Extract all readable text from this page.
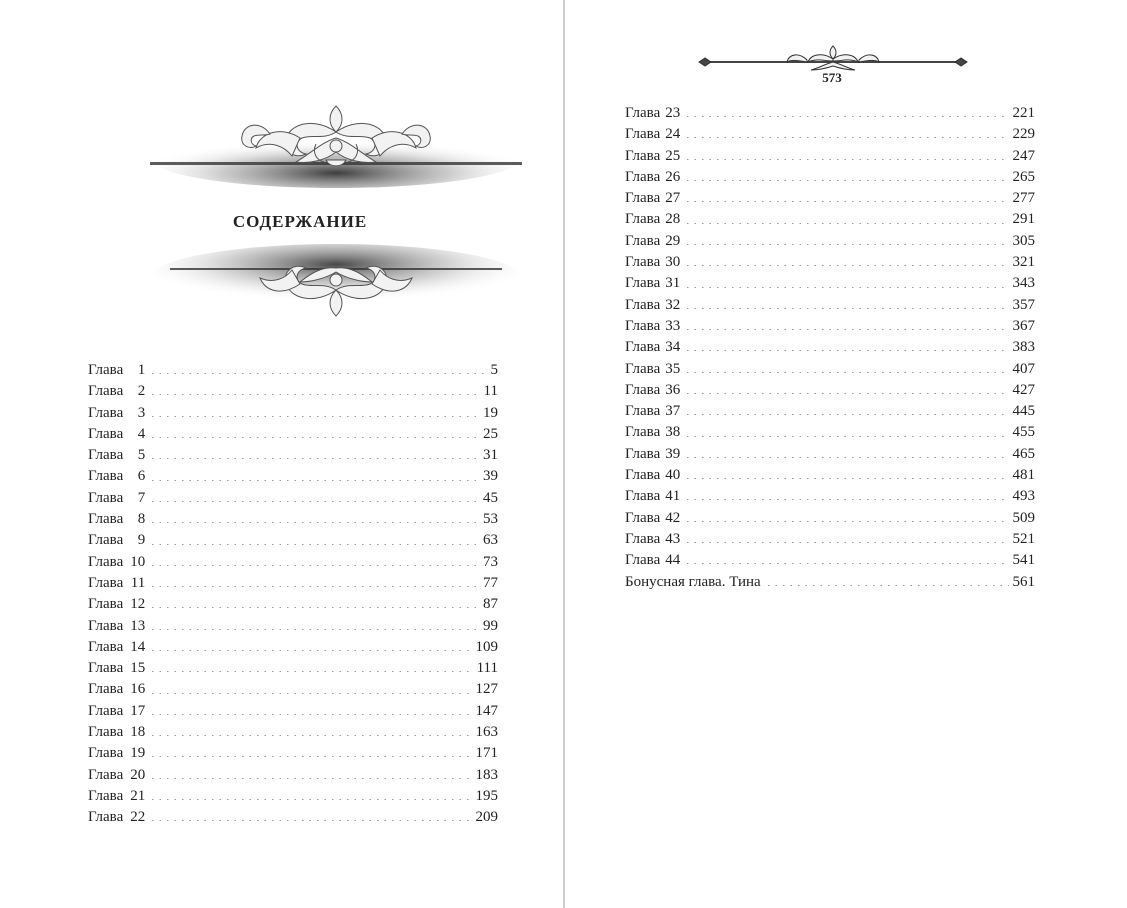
СОДЕРЖАНИЕ
Глава 1	5
Глава 2	11
Глава 3	19
Глава 4	25
Глава 5	31
Глава 6	39
Глава 7	45
Глава 8	53
Глава 9	63
Глава 10	73
Глава 11	77
Глава 12	87
Глава 13	99
Глава 14	109
Глава 15	111
Глава 16	127
Глава 17	147
Глава 18	163
Глава 19	171
Глава 20	183
Глава 21	195
Глава 22	209
573
Глава 23	221
Глава 24	229
Глава 25	247
Глава 26	265
Глава 27	277
Глава 28	291
Глава 29	305
Глава 30	321
Глава 31	343
Глава 32	357
Глава 33	367
Глава 34	383
Глава 35	407
Глава 36	427
Глава 37	445
Глава 38	455
Глава 39	465
Глава 40	481
Глава 41	493
Глава 42	509
Глава 43	521
Глава 44	541
Бонусная глава. Тина	561
